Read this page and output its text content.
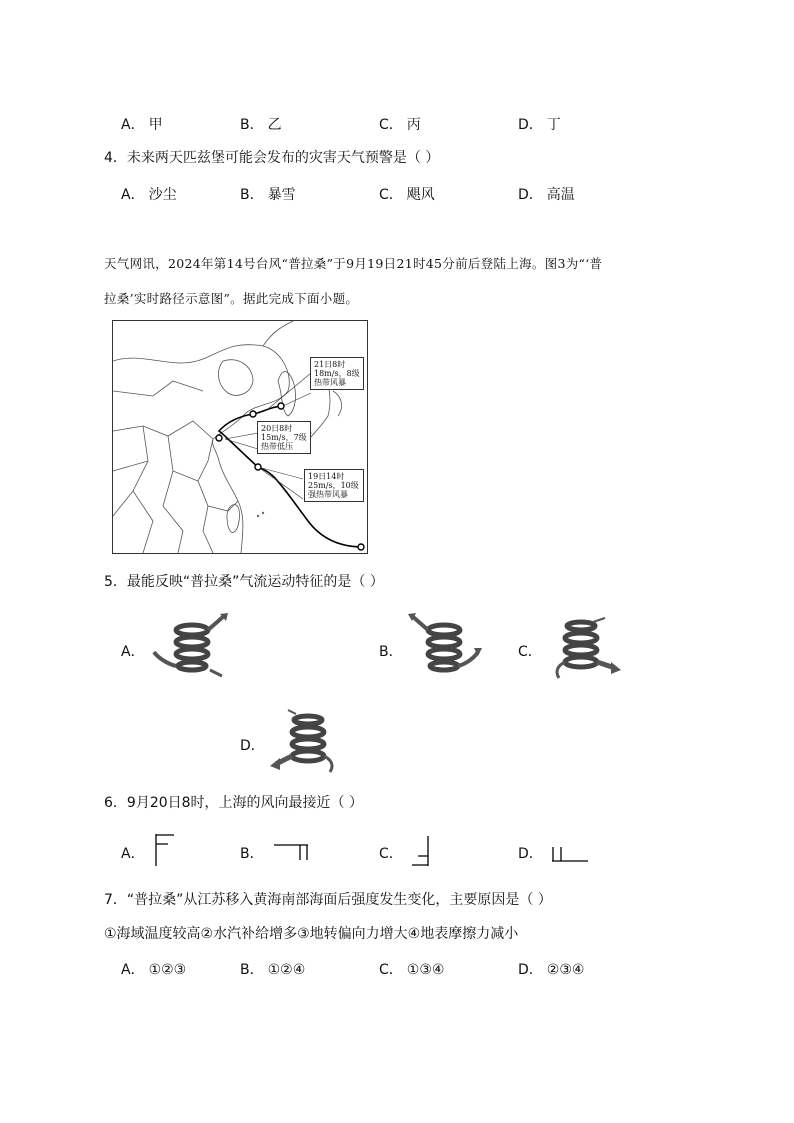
A． 甲	B． 乙	C． 丙	D． 丁
4．未来两天匹兹堡可能会发布的灾害天气预警是（ ）
A． 沙尘	B． 暴雪	C． 飓风	D． 高温
天气网讯，2024年第14号台风“普拉桑”于9月19日21时45分前后登陆上海。图3为“‘普
拉桑’实时路径示意图”。据此完成下面小题。
21日8时
18m/s，8级
热带风暴
20日8时
15m/s，7级
热带低压
19日14时
25m/s，10级
强热带风暴
5．最能反映“普拉桑”气流运动特征的是（ ）
A．	B．	C．
D．
6．9月20日8时，上海的风向最接近（ ）
A．	B．	C．	D．
7．“普拉桑”从江苏移入黄海南部海面后强度发生变化，主要原因是（ ）
①海域温度较高②水汽补给增多③地转偏向力增大④地表摩擦力减小
A． ①②③	B． ①②④	C． ①③④	D． ②③④
